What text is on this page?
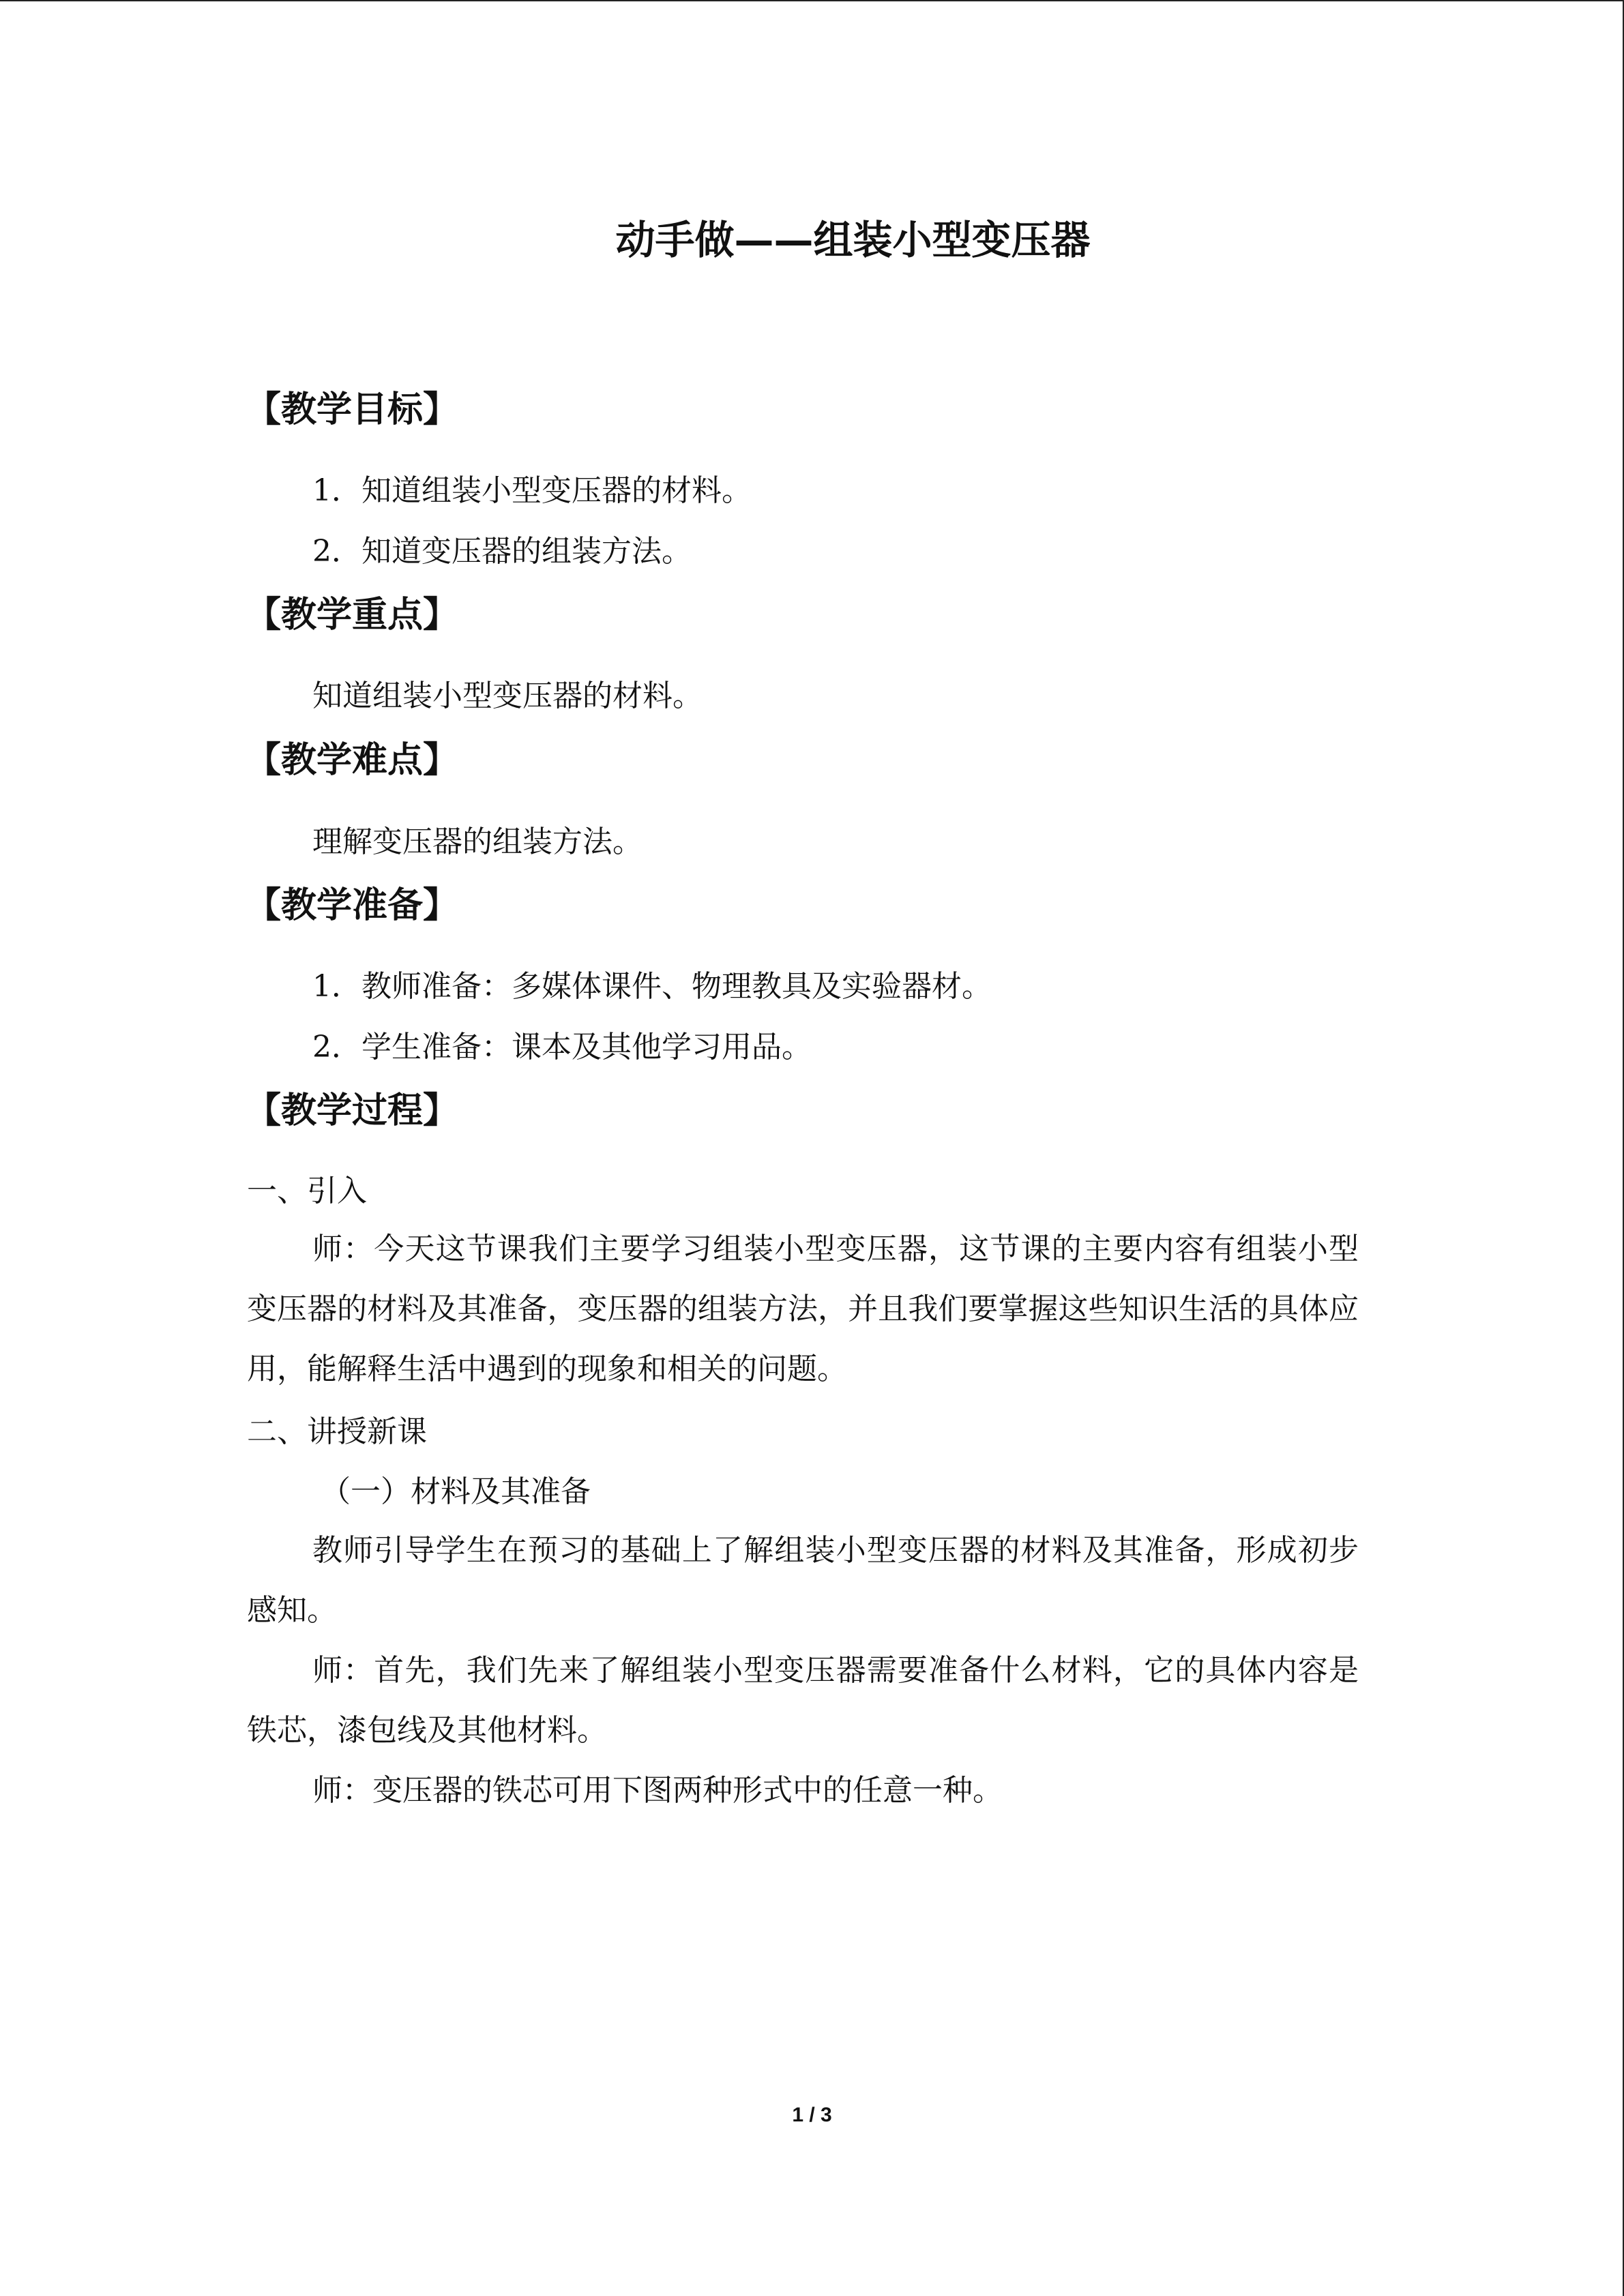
动手做——组装小型变压器
【教学目标】
1．知道组装小型变压器的材料。
2．知道变压器的组装方法。
【教学重点】
知道组装小型变压器的材料。
【教学难点】
理解变压器的组装方法。
【教学准备】
1．教师准备：多媒体课件、物理教具及实验器材。
2．学生准备：课本及其他学习用品。
【教学过程】
一、引入

师：今天这节课我们主要学习组装小型变压器，这节课的主要内容有组装小型变压器的材料及其准备，变压器的组装方法，并且我们要掌握这些知识生活的具体应用，能解释生活中遇到的现象和相关的问题。

二、讲授新课
（一）材料及其准备

教师引导学生在预习的基础上了解组装小型变压器的材料及其准备，形成初步感知。

师：首先，我们先来了解组装小型变压器需要准备什么材料，它的具体内容是铁芯，漆包线及其他材料。

师：变压器的铁芯可用下图两种形式中的任意一种。

1 / 3
